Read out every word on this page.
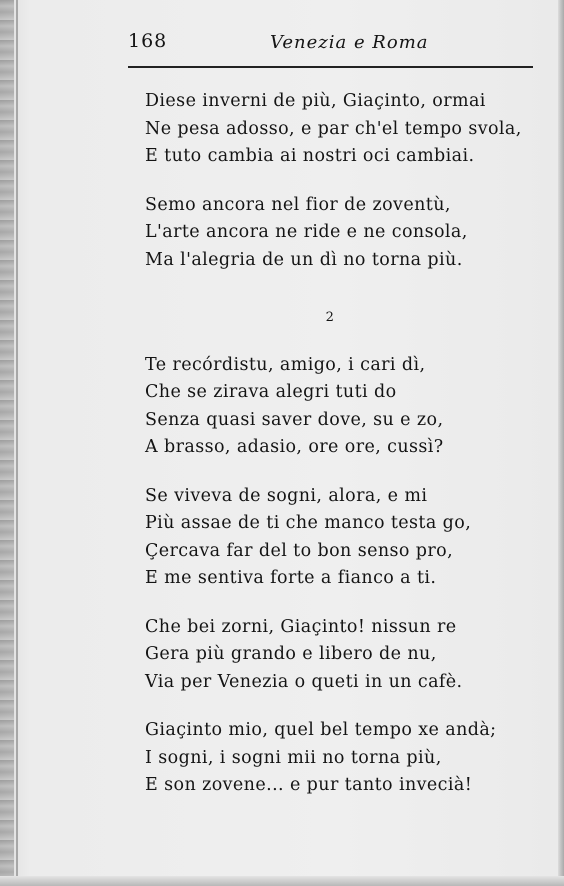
168	Venezia e Roma
Diese inverni de più, Giaçinto, ormai
Ne pesa adosso, e par ch'el tempo svola,
E tuto cambia ai nostri oci cambiai.
Semo ancora nel fior de zoventù,
L'arte ancora ne ride e ne consola,
Ma l'alegria de un dì no torna più.
2
Te recórdistu, amigo, i cari dì,
Che se zirava alegri tuti do
Senza quasi saver dove, su e zo,
A brasso, adasio, ore ore, cussì?
Se viveva de sogni, alora, e mi
Più assae de ti che manco testa go,
Çercava far del to bon senso pro,
E me sentiva forte a fianco a ti.
Che bei zorni, Giaçinto! nissun re
Gera più grando e libero de nu,
Via per Venezia o queti in un cafè.
Giaçinto mio, quel bel tempo xe andà;
I sogni, i sogni mii no torna più,
E son zovene... e pur tanto invecià!
